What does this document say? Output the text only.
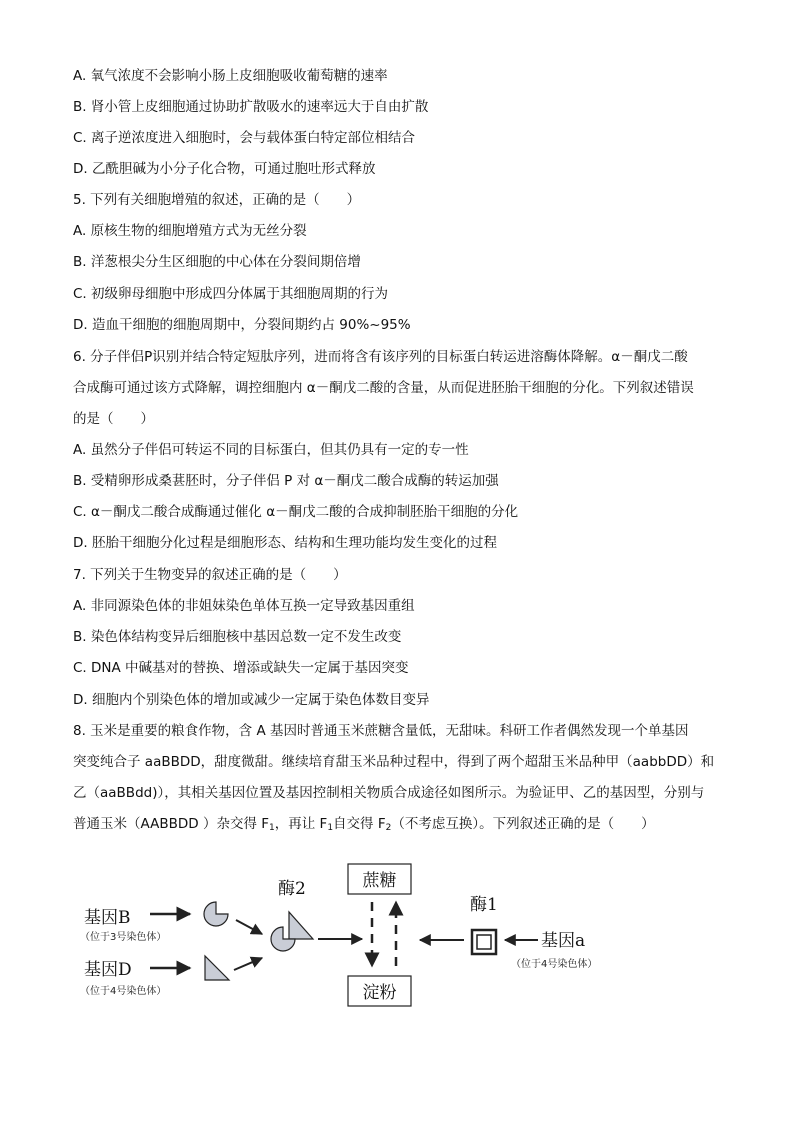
A. 氧气浓度不会影响小肠上皮细胞吸收葡萄糖的速率
B. 肾小管上皮细胞通过协助扩散吸水的速率远大于自由扩散
C. 离子逆浓度进入细胞时，会与载体蛋白特定部位相结合
D. 乙酰胆碱为小分子化合物，可通过胞吐形式释放
5. 下列有关细胞增殖的叙述，正确的是（　　）
A. 原核生物的细胞增殖方式为无丝分裂
B. 洋葱根尖分生区细胞的中心体在分裂间期倍增
C. 初级卵母细胞中形成四分体属于其细胞周期的行为
D. 造血干细胞的细胞周期中，分裂间期约占 90%~95%
6. 分子伴侣P识别并结合特定短肽序列，进而将含有该序列的目标蛋白转运进溶酶体降解。α－酮戊二酸
合成酶可通过该方式降解，调控细胞内 α－酮戊二酸的含量，从而促进胚胎干细胞的分化。下列叙述错误
的是（　　）
A. 虽然分子伴侣可转运不同的目标蛋白，但其仍具有一定的专一性
B. 受精卵形成桑葚胚时，分子伴侣 P 对 α－酮戊二酸合成酶的转运加强
C. α－酮戊二酸合成酶通过催化 α－酮戊二酸的合成抑制胚胎干细胞的分化
D. 胚胎干细胞分化过程是细胞形态、结构和生理功能均发生变化的过程
7. 下列关于生物变异的叙述正确的是（　　）
A. 非同源染色体的非姐妹染色单体互换一定导致基因重组
B. 染色体结构变异后细胞核中基因总数一定不发生改变
C. DNA 中碱基对的替换、增添或缺失一定属于基因突变
D. 细胞内个别染色体的增加或减少一定属于染色体数目变异
8. 玉米是重要的粮食作物，含 A 基因时普通玉米蔗糖含量低，无甜味。科研工作者偶然发现一个单基因
突变纯合子 aaBBDD，甜度微甜。继续培育甜玉米品种过程中，得到了两个超甜玉米品种甲（aabbDD）和
乙（aaBBdd)），其相关基因位置及基因控制相关物质合成途径如图所示。为验证甲、乙的基因型，分别与
普通玉米（AABBDD ）杂交得 $F_1$，再让 $F_1$自交得 $F_2$（不考虑互换）。下列叙述正确的是（　　）
基因B
（位于3号染色体）
基因D
（位于4号染色体）
酶2	蔗糖
淀粉
酶1
基因a
（位于4号染色体）
